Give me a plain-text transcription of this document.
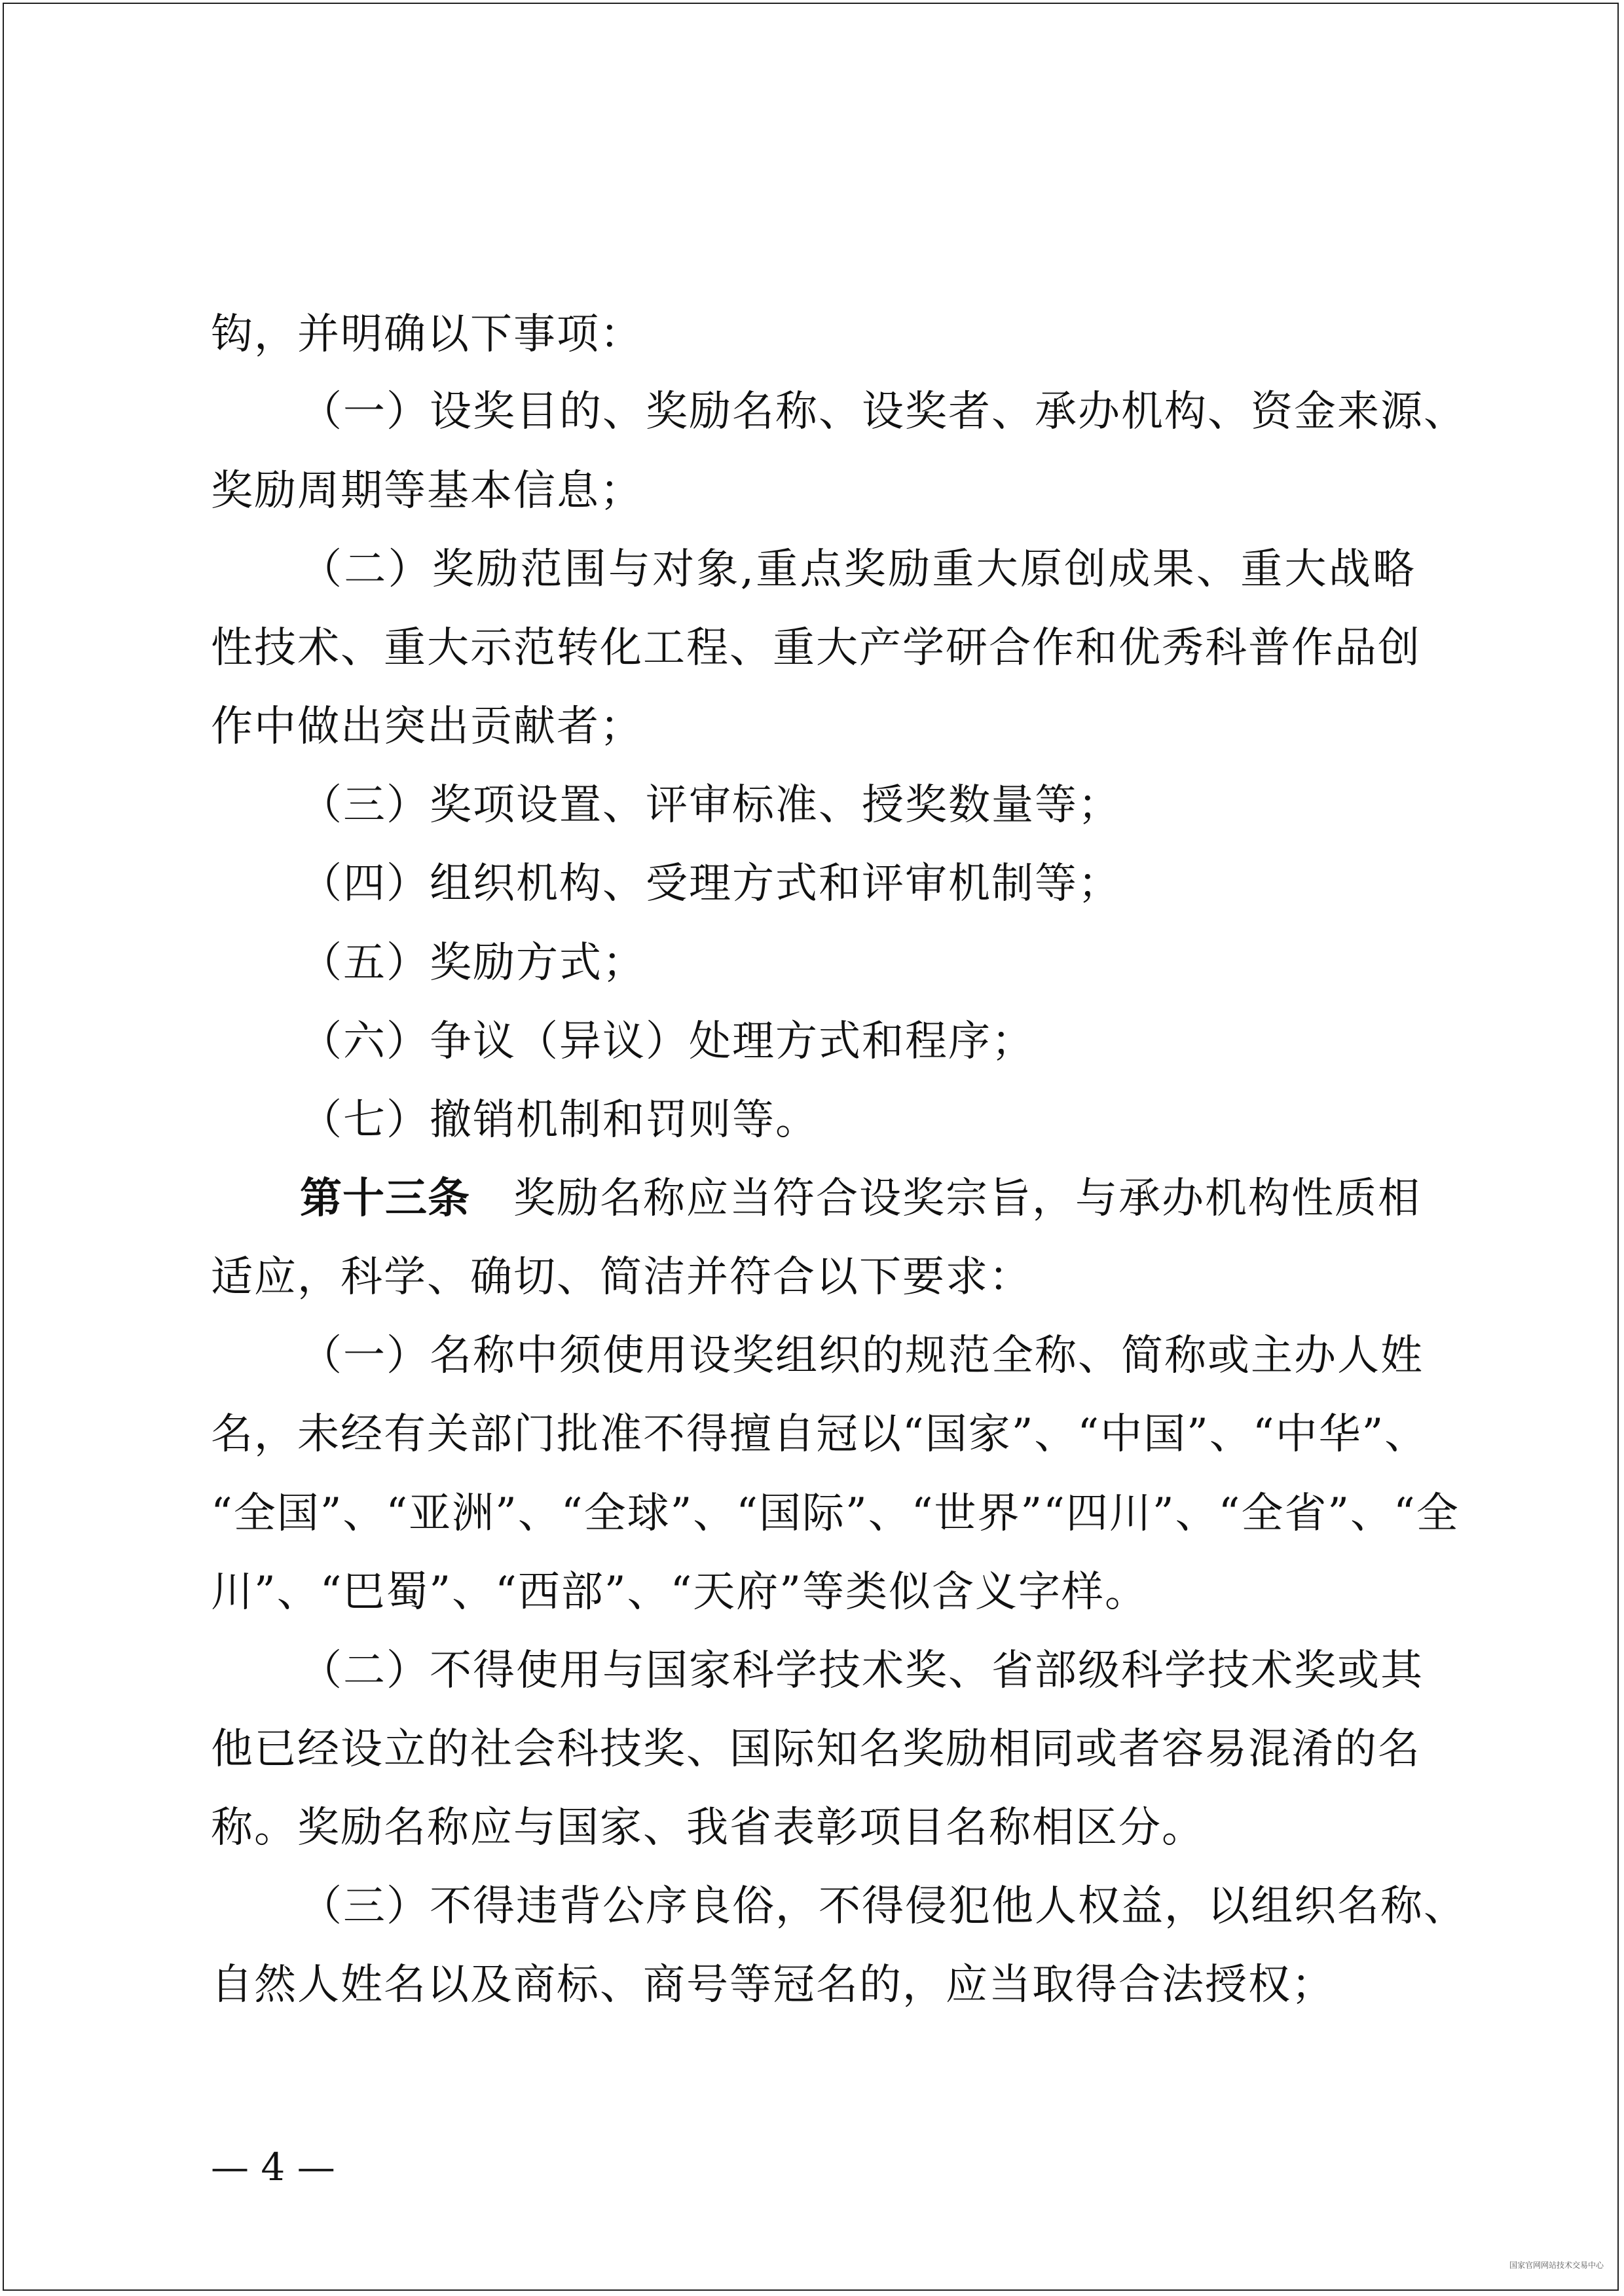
钩，并明确以下事项：
（一）设奖目的、奖励名称、设奖者、承办机构、资金来源、
奖励周期等基本信息；
（二）奖励范围与对象,重点奖励重大原创成果、重大战略
性技术、重大示范转化工程、重大产学研合作和优秀科普作品创
作中做出突出贡献者；
（三）奖项设置、评审标准、授奖数量等；
（四）组织机构、受理方式和评审机制等；
（五）奖励方式；
（六）争议（异议）处理方式和程序；
（七）撤销机制和罚则等。
第十三条 奖励名称应当符合设奖宗旨，与承办机构性质相
适应，科学、确切、简洁并符合以下要求：
（一）名称中须使用设奖组织的规范全称、简称或主办人姓
名，未经有关部门批准不得擅自冠以“国家”、“中国”、“中华”、
“全国”、“亚洲”、“全球”、“国际”、“世界”“四川”、“全省”、“全
川”、“巴蜀”、“西部”、“天府”等类似含义字样。
（二）不得使用与国家科学技术奖、省部级科学技术奖或其
他已经设立的社会科技奖、国际知名奖励相同或者容易混淆的名
称。奖励名称应与国家、我省表彰项目名称相区分。
（三）不得违背公序良俗，不得侵犯他人权益，以组织名称、
自然人姓名以及商标、商号等冠名的，应当取得合法授权；
— 4 —
国家官网网站技术交易中心
